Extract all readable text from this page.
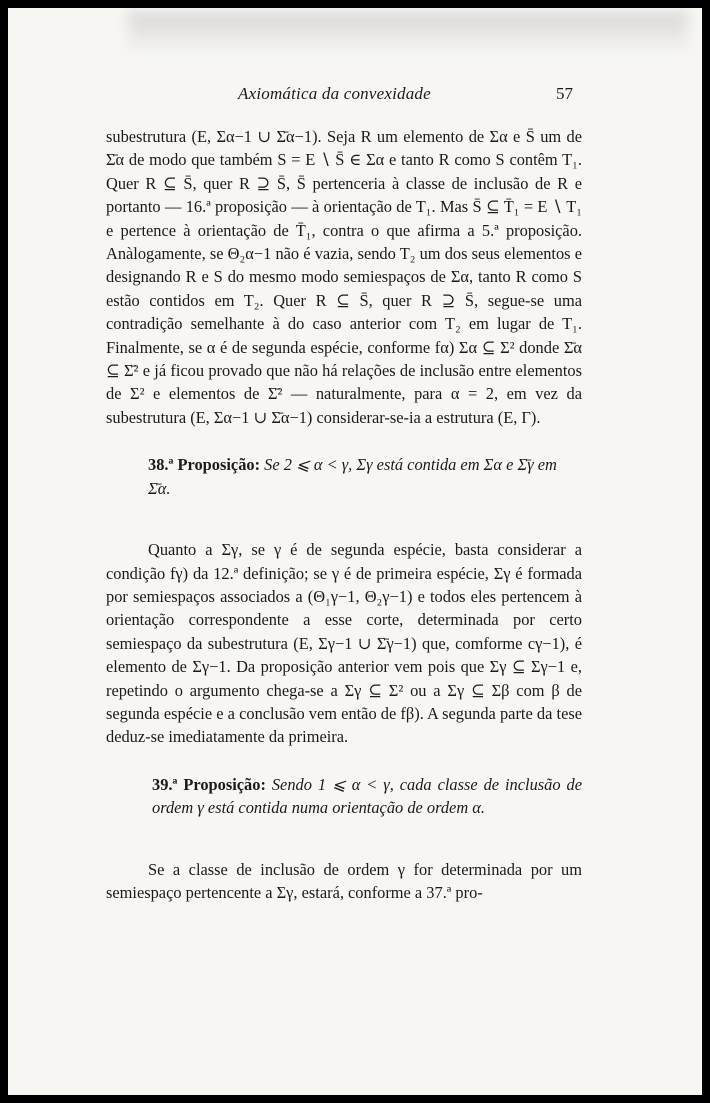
Axiomática da convexidade	57

subestrutura (E, Σα−1 ∪ Σ̄α−1). Seja R um elemento de Σα e S̄ um de Σ̄α de modo que também S = E ∖ S̄ ∈ Σα e tanto R como S contêm T₁. Quer R ⊆ S̄, quer R ⊇ S̄, S̄ pertenceria à classe de inclusão de R e portanto — 16.ª proposição — à orientação de T₁. Mas S̄ ⊆ T̄₁ = E ∖ T₁ e pertence à orientação de T̄₁, contra o que afirma a 5.ª proposição. Anàlogamente, se Θ₂α−1 não é vazia, sendo T₂ um dos seus elementos e designando R e S do mesmo modo semiespaços de Σα, tanto R como S estão contidos em T₂. Quer R ⊆ S̄, quer R ⊇ S̄, segue-se uma contradição semelhante à do caso anterior com T₂ em lugar de T₁. Finalmente, se α é de segunda espécie, conforme fα) Σα ⊆ Σ² donde Σ̄α ⊆ Σ̄² e já ficou provado que não há relações de inclusão entre elementos de Σ² e elementos de Σ̄² — naturalmente, para α = 2, em vez da subestrutura (E, Σα−1 ∪ Σ̄α−1) considerar-se-ia a estrutura (E, Γ).

38.ª Proposição: Se 2 ⩽ α < γ, Σγ está contida em Σα e Σ̄γ em Σ̄α.

Quanto a Σγ, se γ é de segunda espécie, basta considerar a condição fγ) da 12.ª definição; se γ é de primeira espécie, Σγ é formada por semiespaços associados a (Θ₁γ−1, Θ₂γ−1) e todos eles pertencem à orientação correspondente a esse corte, determinada por certo semiespaço da subestrutura (E, Σγ−1 ∪ Σ̄γ−1) que, comforme cγ−1), é elemento de Σγ−1. Da proposição anterior vem pois que Σγ ⊆ Σγ−1 e, repetindo o argumento chega-se a Σγ ⊆ Σ² ou a Σγ ⊆ Σβ com β de segunda espécie e a conclusão vem então de fβ). A segunda parte da tese deduz-se imediatamente da primeira.

39.ª Proposição: Sendo 1 ⩽ α < γ, cada classe de inclusão de ordem γ está contida numa orientação de ordem α.

Se a classe de inclusão de ordem γ for determinada por um semiespaço pertencente a Σγ, estará, conforme a 37.ª pro-
